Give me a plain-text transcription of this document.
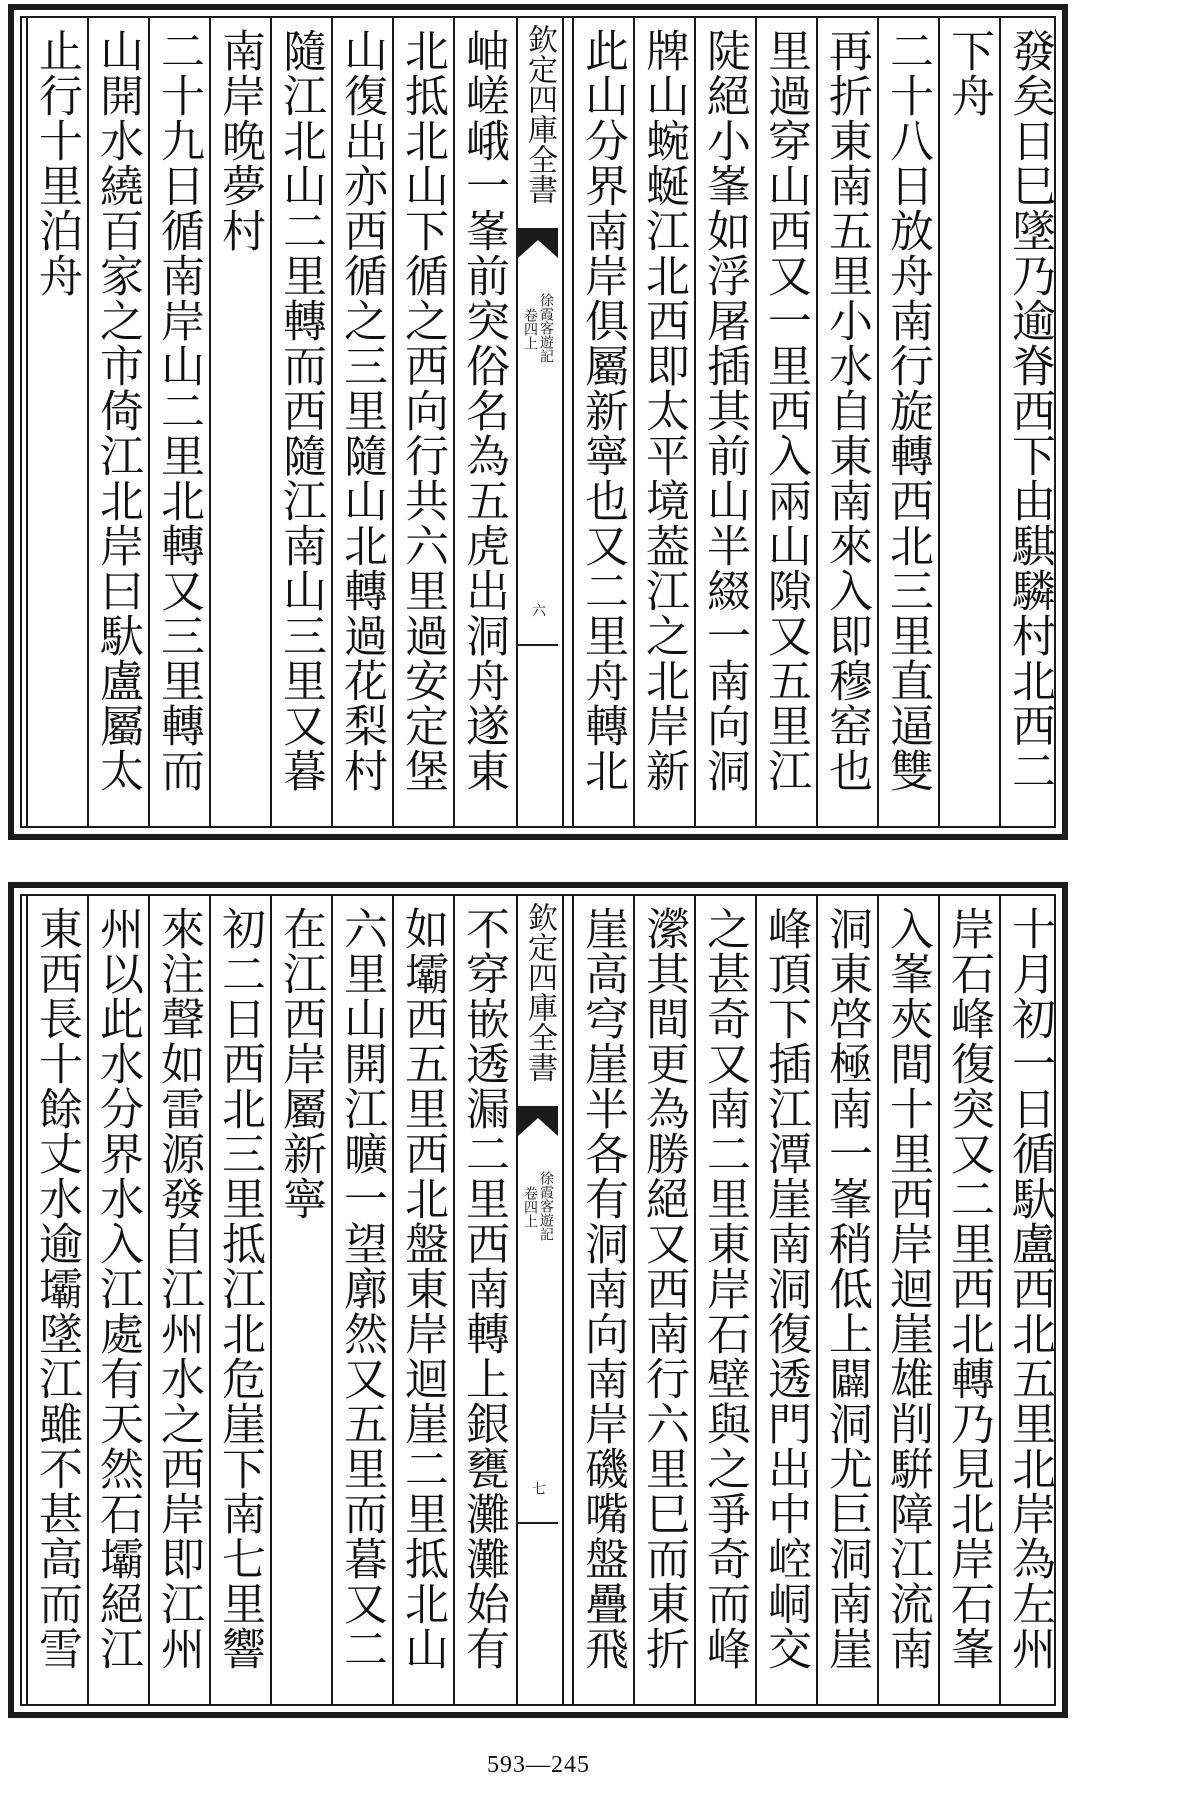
欽定四庫全書
徐霞客遊記
卷四上
六
發矣日巳墜乃逾脊西下由騏驎村北西二
下舟
二十八日放舟南行旋轉西北三里直逼雙
再折東南五里小水自東南來入即穆窑也
里過穿山西又一里西入兩山隙又五里江
陡絕小峯如浮屠插其前山半綴一南向洞
牌山蜿蜒江北西即太平境葢江之北岸新
此山分界南岸俱屬新寧也又二里舟轉北
岫嵯峨一峯前突俗名為五虎出洞舟遂東
北抵北山下循之西向行共六里過安定堡
山復出亦西循之三里隨山北轉過花梨村
隨江北山二里轉而西隨江南山三里又暮
南岸晚夢村
二十九日循南岸山二里北轉又三里轉而
山開水繞百家之市倚江北岸曰馱盧屬太
止行十里泊舟
欽定四庫全書
徐霞客遊記
卷四上
七
十月初一日循馱盧西北五里北岸為左州
岸石峰復突又二里西北轉乃見北岸石峯
入峯夾間十里西岸迴崖雄削騈障江流南
洞東啓極南一峯稍低上闢洞尤巨洞南崖
峰頂下插江潭崖南洞復透門出中崆峒交
之甚奇又南二里東岸石壁與之爭奇而峰
瀠其間更為勝絕又西南行六里巳而東折
崖高穹崖半各有洞南向南岸磯嘴盤疊飛
不穿嵌透漏二里西南轉上銀甕灘灘始有
如壩西五里西北盤東岸迴崖二里抵北山
六里山開江曠一望廓然又五里而暮又二
在江西岸屬新寧
初二日西北三里抵江北危崖下南七里響
來注聲如雷源發自江州水之西岸即江州
州以此水分界水入江處有天然石壩絕江
東西長十餘丈水逾壩墜江雖不甚高而雪
593—245
